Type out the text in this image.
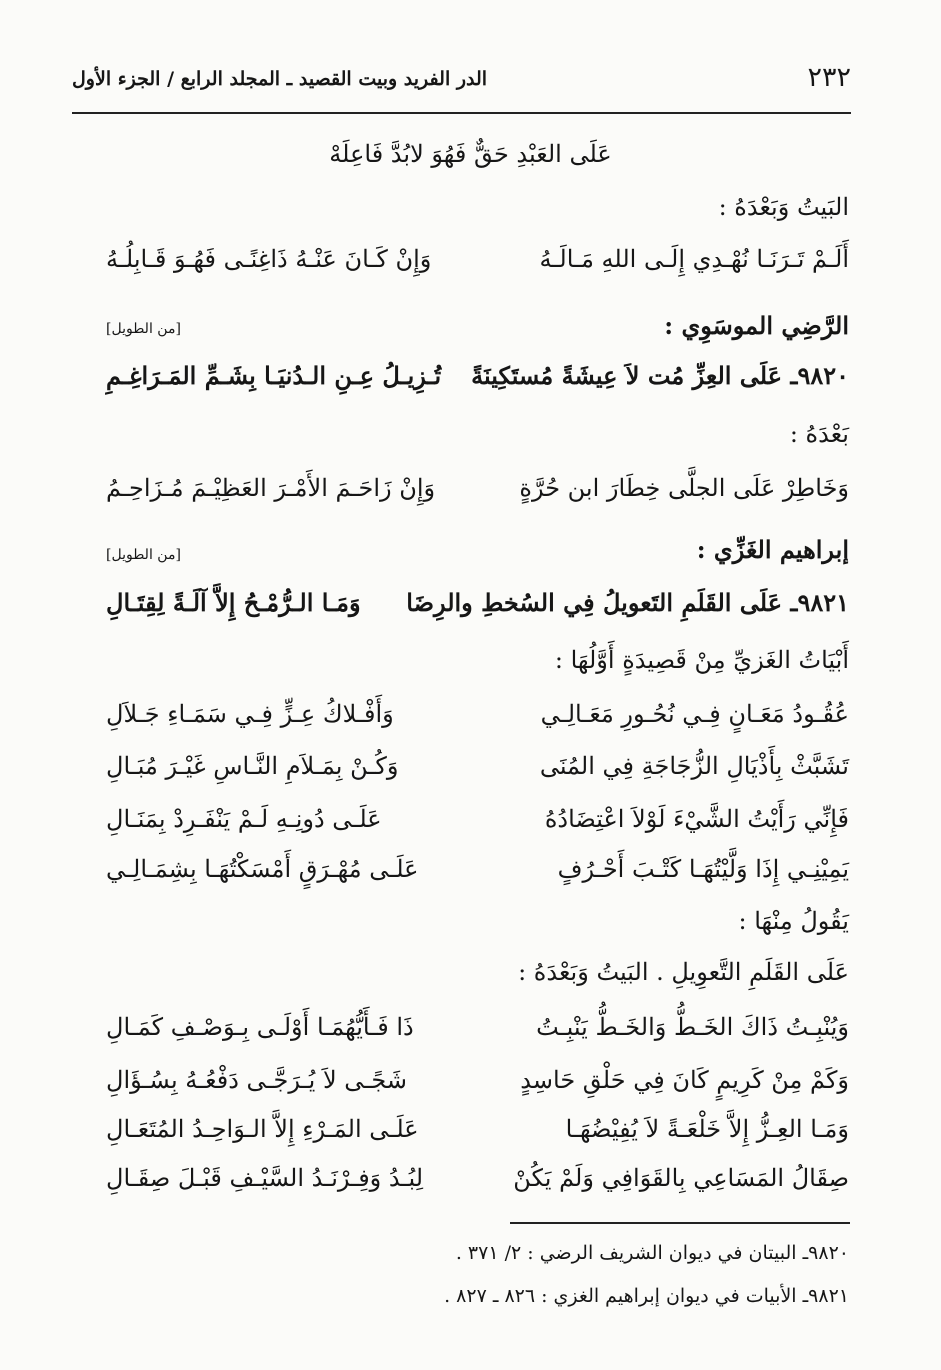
٢٣٢
الدر الفريد وبيت القصيد ـ المجلد الرابع / الجزء الأول
عَلَى العَبْدِ حَقٌّ فَهُوَ لابُدَّ فَاعِلَهْ
البَيتُ وَبَعْدَهُ :
أَلَـمْ تَـرَنَـا نُهْـدِي إِلَـى اللهِ مَـالَـهُ
وَإِنْ كَـانَ عَنْـهُ ذَاغِنًـى فَهُـوَ قَـابِلُـهُ
الرَّضِي الموسَوِي :
[من الطويل]
٩٨٢٠ـ عَلَى العِزِّ مُت لاَ عِيشَةً مُستَكِينَةً
تُـزِيـلُ عِـنِ الـدُنيَـا بِشَـمِّ المَـرَاغِـمِ
بَعْدَهُ :
وَخَاطِرْ عَلَى الجلَّى خِطَارَ ابن حُرَّةٍ
وَإِنْ زَاحَـمَ الأَمْـرَ العَظِيْـمَ مُـزَاحِـمُ
إبراهيم الغَزِّي :
[من الطويل]
٩٨٢١ـ عَلَى القَلَمِ التَعويلُ فِي السُخطِ والرِضَا
وَمَـا الـرُّمْـحُ إِلاَّ آلَـةً لِقِتَـالِ
أَبْيَاتُ الغَزيِّ مِنْ قَصِيدَةٍ أَوَّلُهَا :
عُقُـودُ مَعَـانٍ فِـي نُحُـورِ مَعَـالِـي
وَأَفْـلاكُ عِـزٍّ فِـي سَمَـاءِ جَـلاَلِ
تَشَبَّثْ بِأَذْيَالِ الزُّجَاجَةِ فِي المُنَى
وَكُـنْ بِمَـلاَمِ النَّـاسِ غَيْـرَ مُبَـالِ
فَإِنِّي رَأَيْتُ الشَّيْءَ لَوْلاَ اعْتِضَادُهُ
عَلَـى دُونِـهِ لَـمْ يَنْفَـرِدْ بِمَنَـالِ
يَمِيْنِـي إِذَا وَلَّيْتُهَـا كَتْـبَ أَحْـرُفٍ
عَلَـى مُهْـرَقٍ أَمْسَكْتُهَـا بِشِمَـالِـي
يَقُولُ مِنْهَا :
عَلَى القَلَمِ التَّعوِيلِ . البَيتُ وَبَعْدَهُ :
وَيُنْبِـتُ ذَاكَ الخَـطُّ وَالخَـطُّ يَنْبِـتُ
ذَا فَـأَيُّهُمَـا أَوْلَـى بِـوَصْـفِ كَمَـالِ
وَكَمْ مِنْ كَرِيمٍ كَانَ فِي حَلْقِ حَاسِدٍ
شَجًـى لاَ يُـرَجَّـى دَفْعُـهُ بِسُـؤَالِ
وَمَـا العِـزُّ إِلاَّ خَلْعَـةً لاَ يُفِيْضُهَـا
عَلَـى المَـرْءِ إِلاَّ الـوَاحِـدُ المُتَعَـالِ
صِقَالُ المَسَاعِي بِالقَوَافِي وَلَمْ يَكُنْ
لِبُـدُ وَفِـرْنَـدُ السَّيْـفِ قَبْـلَ صِقَـالِ
٩٨٢٠ـ البيتان في ديوان الشريف الرضي : ٢/ ٣٧١ .
٩٨٢١ـ الأبيات في ديوان إبراهيم الغزي : ٨٢٦ ـ ٨٢٧ .
